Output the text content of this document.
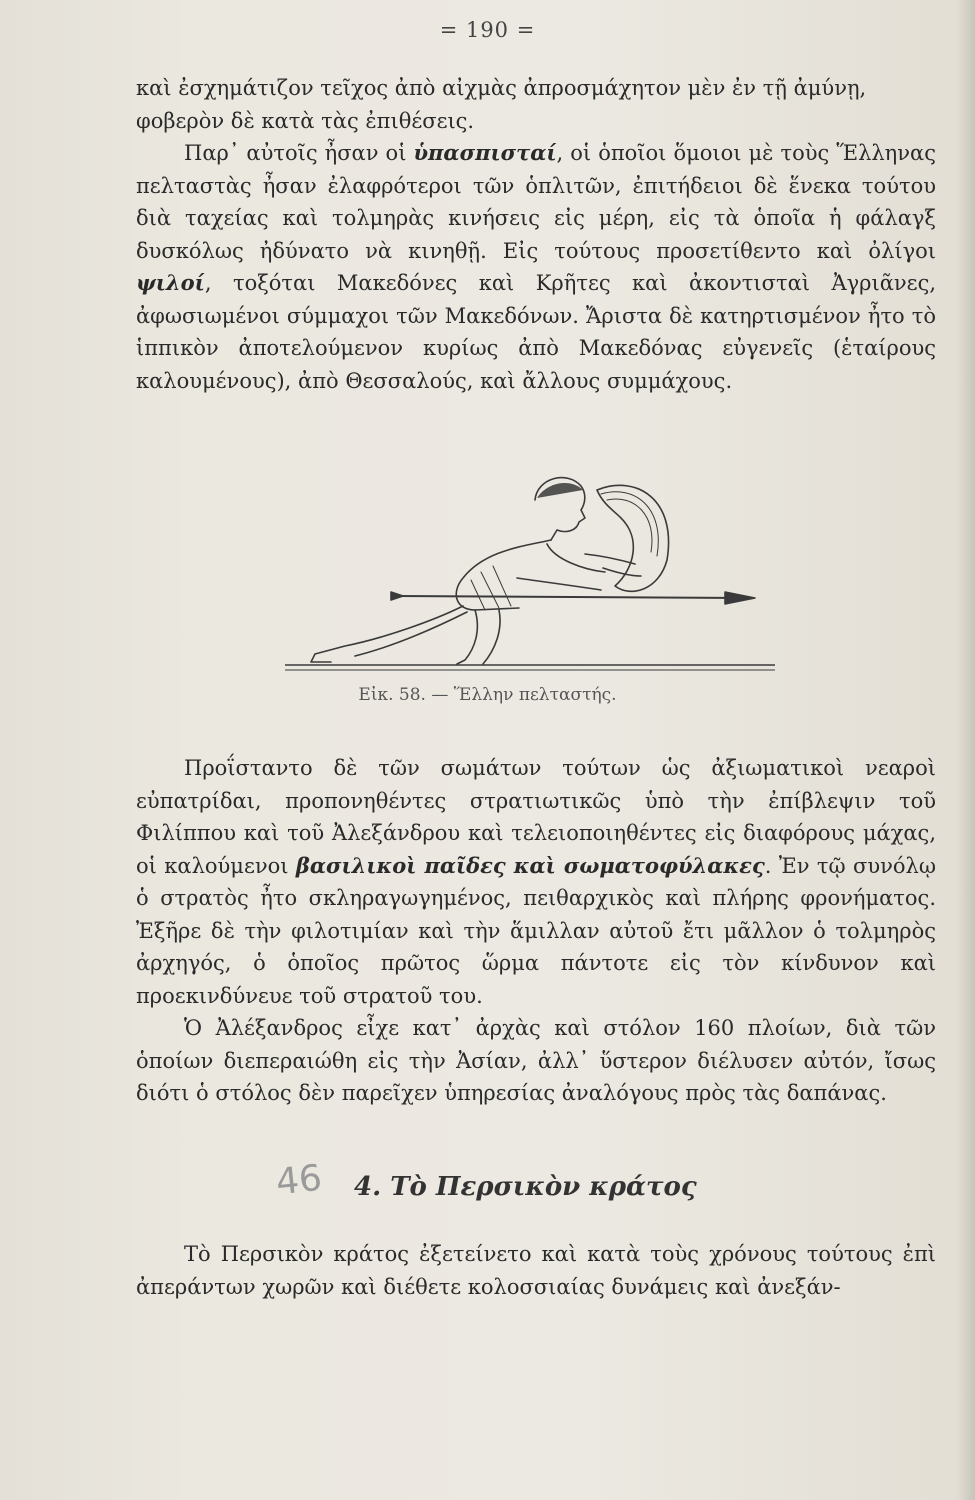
= 190 =

καὶ ἐσχημάτιζον τεῖχος ἀπὸ αἰχμὰς ἀπροσμάχητον μὲν ἐν τῇ ἀμύνῃ,
φοβερὸν δὲ κατὰ τὰς ἐπιθέσεις.

Παρ᾽ αὐτοῖς ἦσαν οἱ ὑπασπισταί, οἱ ὁποῖοι ὅμοιοι μὲ τοὺς Ἕλληνας πελταστὰς ἦσαν ἐλαφρότεροι τῶν ὁπλιτῶν, ἐπιτήδειοι δὲ ἕνεκα τούτου διὰ ταχείας καὶ τολμηρὰς κινήσεις εἰς μέρη, εἰς τὰ ὁποῖα ἡ φάλαγξ δυσκόλως ἠδύνατο νὰ κινηθῇ. Εἰς τούτους προσετίθεντο καὶ ὀλίγοι ψιλοί, τοξόται Μακεδόνες καὶ Κρῆτες καὶ ἀκοντισταὶ Ἀγριᾶνες, ἀφωσιωμένοι σύμμαχοι τῶν Μακεδόνων. Ἄριστα δὲ κατηρτισμένον ἦτο τὸ ἱππικὸν ἀποτελούμενον κυρίως ἀπὸ Μακεδόνας εὐγενεῖς (ἑταίρους καλουμένους), ἀπὸ Θεσσαλούς, καὶ ἄλλους συμμάχους.

Εἰκ. 58. — Ἕλλην πελταστής.

Προΐσταντο δὲ τῶν σωμάτων τούτων ὡς ἀξιωματικοὶ νεαροὶ εὐπατρίδαι, προπονηθέντες στρατιωτικῶς ὑπὸ τὴν ἐπίβλεψιν τοῦ Φιλίππου καὶ τοῦ Ἀλεξάνδρου καὶ τελειοποιηθέντες εἰς διαφόρους μάχας, οἱ καλούμενοι βασιλικοὶ παῖδες καὶ σωματοφύλακες. Ἐν τῷ συνόλῳ ὁ στρατὸς ἦτο σκληραγωγημένος, πειθαρχικὸς καὶ πλήρης φρονήματος. Ἐξῆρε δὲ τὴν φιλοτιμίαν καὶ τὴν ἅμιλλαν αὐτοῦ ἔτι μᾶλλον ὁ τολμηρὸς ἀρχηγός, ὁ ὁποῖος πρῶτος ὥρμα πάντοτε εἰς τὸν κίνδυνον καὶ προεκινδύνευε τοῦ στρατοῦ του.

Ὁ Ἀλέξανδρος εἶχε κατ᾽ ἀρχὰς καὶ στόλον 160 πλοίων, διὰ τῶν ὁποίων διεπεραιώθη εἰς τὴν Ἀσίαν, ἀλλ᾽ ὕστερον διέλυσεν αὐτόν, ἴσως διότι ὁ στόλος δὲν παρεῖχεν ὑπηρεσίας ἀναλόγους πρὸς τὰς δαπάνας.

46 4. Τὸ Περσικὸν κράτος

Τὸ Περσικὸν κράτος ἐξετείνετο καὶ κατὰ τοὺς χρόνους τούτους ἐπὶ ἀπεράντων χωρῶν καὶ διέθετε κολοσσιαίας δυνάμεις καὶ ἀνεξάν-
